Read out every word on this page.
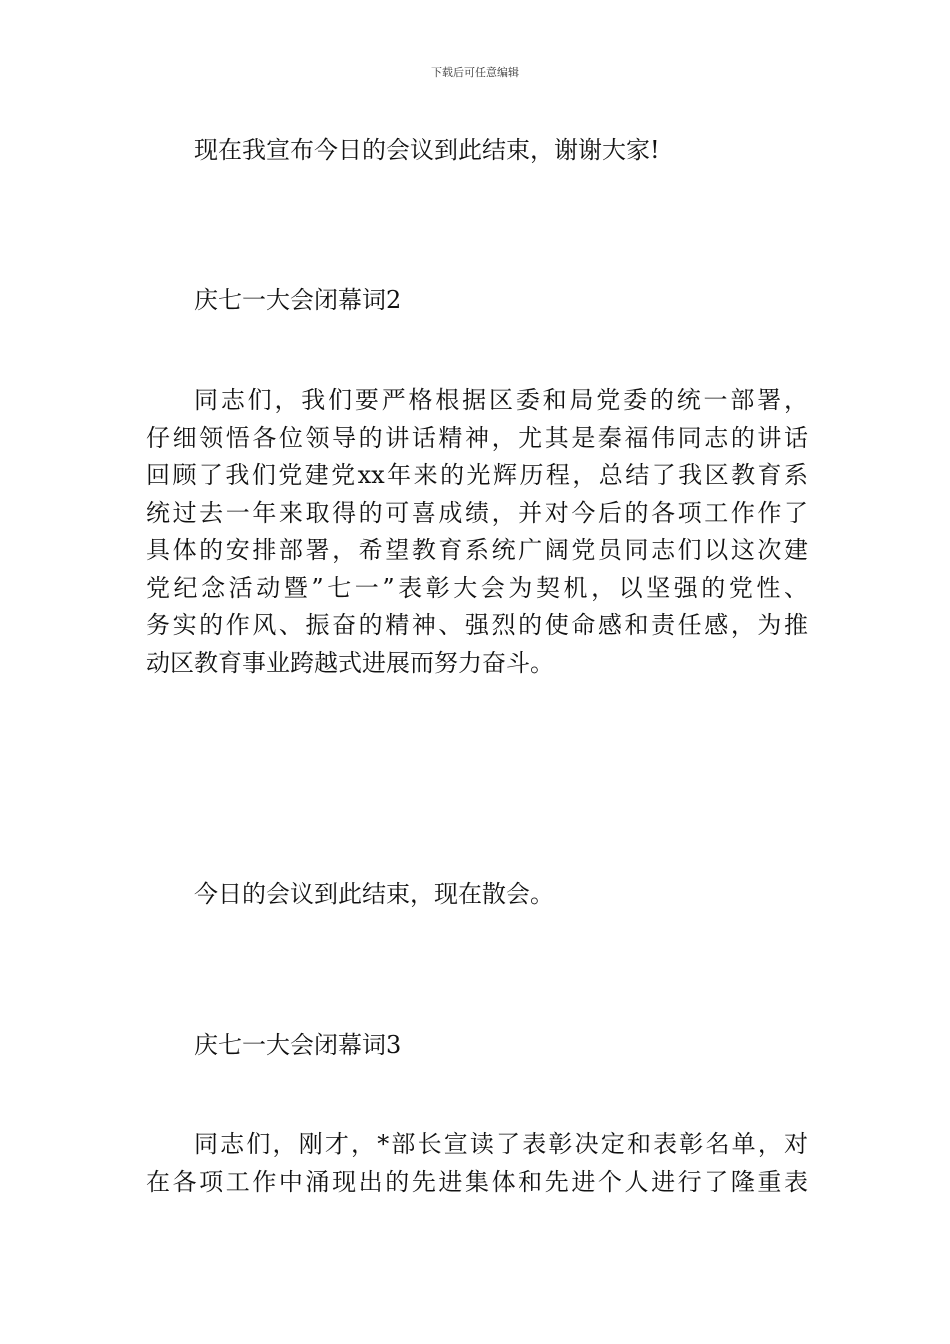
下载后可任意编辑

现在我宣布今日的会议到此结束，谢谢大家!

庆七一大会闭幕词2

同志们，我们要严格根据区委和局党委的统一部署，
仔细领悟各位领导的讲话精神，尤其是秦福伟同志的讲话
回顾了我们党建党xx年来的光辉历程，总结了我区教育系
统过去一年来取得的可喜成绩，并对今后的各项工作作了
具体的安排部署，希望教育系统广阔党员同志们以这次建
党纪念活动暨”七一”表彰大会为契机，以坚强的党性、
务实的作风、振奋的精神、强烈的使命感和责任感，为推
动区教育事业跨越式进展而努力奋斗。

今日的会议到此结束，现在散会。

庆七一大会闭幕词3

同志们，刚才，*部长宣读了表彰决定和表彰名单，对
在各项工作中涌现出的先进集体和先进个人进行了隆重表
